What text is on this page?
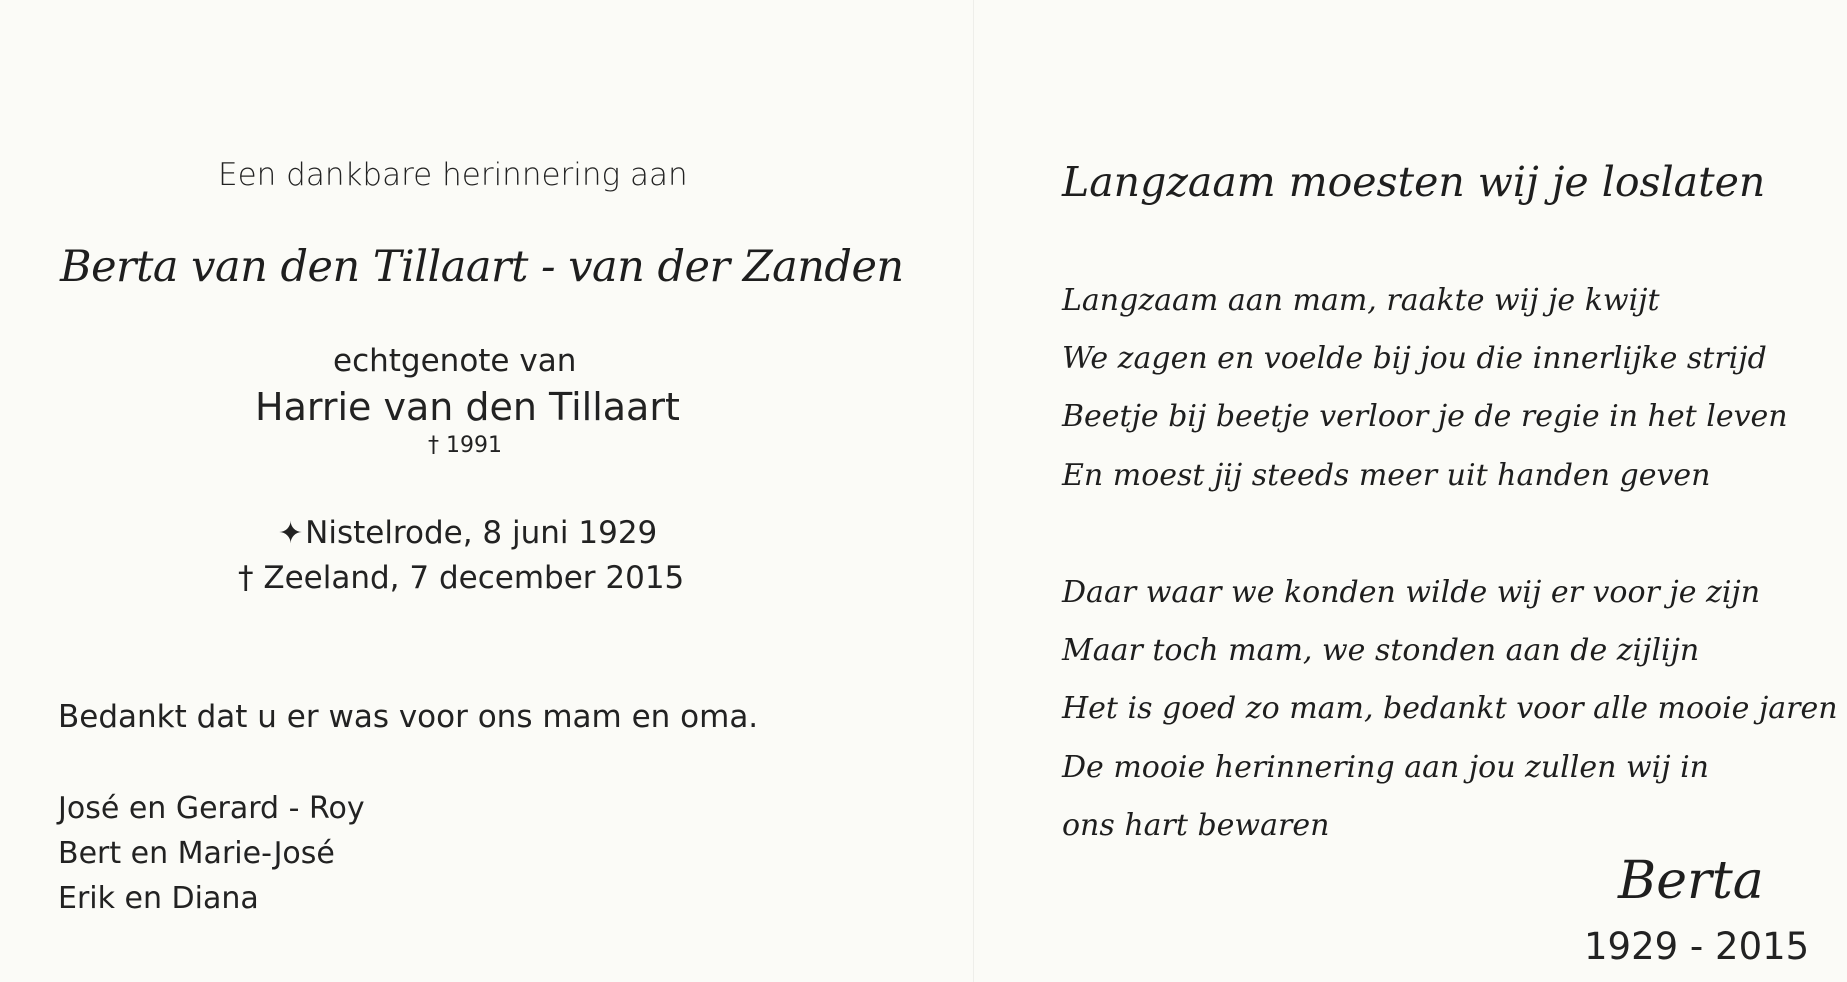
Een dankbare herinnering aan
Berta van den Tillaart - van der Zanden
echtgenote van
Harrie van den Tillaart
† 1991
✦Nistelrode, 8 juni 1929
† Zeeland, 7 december 2015
Bedankt dat u er was voor ons mam en oma.
José en Gerard - Roy
Bert en Marie-José
Erik en Diana
Langzaam moesten wij je loslaten
Langzaam aan mam, raakte wij je kwijt
We zagen en voelde bij jou die innerlijke strijd
Beetje bij beetje verloor je de regie in het leven
En moest jij steeds meer uit handen geven
Daar waar we konden wilde wij er voor je zijn
Maar toch mam, we stonden aan de zijlijn
Het is goed zo mam, bedankt voor alle mooie jaren
De mooie herinnering aan jou zullen wij in
ons hart bewaren
Berta
1929 - 2015
